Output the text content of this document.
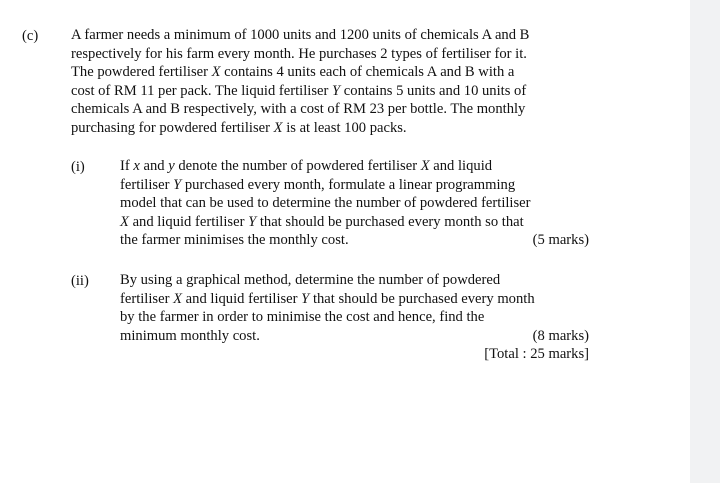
(c) A farmer needs a minimum of 1000 units and 1200 units of chemicals A and B

respectively for his farm every month. He purchases 2 types of fertiliser for it.

The powdered fertiliser X contains 4 units each of chemicals A and B with a

cost of RM 11 per pack. The liquid fertiliser Y contains 5 units and 10 units of

chemicals A and B respectively, with a cost of RM 23 per bottle. The monthly

purchasing for powdered fertiliser X is at least 100 packs.

(i) If x and y denote the number of powdered fertiliser X and liquid

fertiliser Y purchased every month, formulate a linear programming

model that can be used to determine the number of powdered fertiliser

X and liquid fertiliser Y that should be purchased every month so that

the farmer minimises the monthly cost.	(5 marks)

(ii) By using a graphical method, determine the number of powdered

fertiliser X and liquid fertiliser Y that should be purchased every month

by the farmer in order to minimise the cost and hence, find the

minimum monthly cost.	(8 marks)

[Total : 25 marks]
